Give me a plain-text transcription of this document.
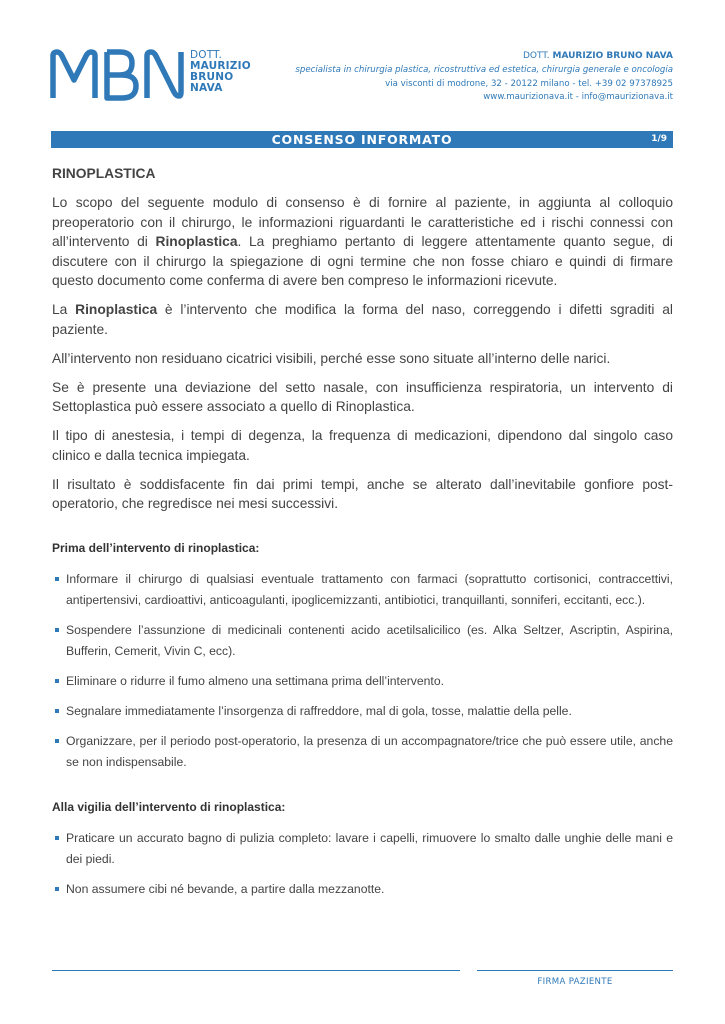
DOTT.
MAURIZIO
BRUNO
NAVA
DOTT. MAURIZIO BRUNO NAVA
specialista in chirurgia plastica, ricostruttiva ed estetica, chirurgia generale e oncologia
via visconti di modrone, 32 - 20122 milano - tel. +39 02 97378925
www.maurizionava.it - info@maurizionava.it
CONSENSO INFORMATO	1/9
RINOPLASTICA

Lo scopo del seguente modulo di consenso è di fornire al paziente, in aggiunta al colloquio preoperatorio con il chirurgo, le informazioni riguardanti le caratteristiche ed i rischi connessi con all’intervento di Rinoplastica. La preghiamo pertanto di leggere attentamente quanto segue, di discutere con il chirurgo la spiegazione di ogni termine che non fosse chiaro e quindi di firmare questo documento come conferma di avere ben compreso le informazioni ricevute.

La Rinoplastica è l’intervento che modifica la forma del naso, correggendo i difetti sgraditi al paziente.

All’intervento non residuano cicatrici visibili, perché esse sono situate all’interno delle narici.

Se è presente una deviazione del setto nasale, con insufficienza respiratoria, un intervento di Settoplastica può essere associato a quello di Rinoplastica.

Il tipo di anestesia, i tempi di degenza, la frequenza di medicazioni, dipendono dal singolo caso clinico e dalla tecnica impiegata.

Il risultato è soddisfacente fin dai primi tempi, anche se alterato dall’inevitabile gonfiore post-operatorio, che regredisce nei mesi successivi.

Prima dell’intervento di rinoplastica:
Informare il chirurgo di qualsiasi eventuale trattamento con farmaci (soprattutto cortisonici, contraccettivi, antipertensivi, cardioattivi, anticoagulanti, ipoglicemizzanti, antibiotici, tranquillanti, sonniferi, eccitanti, ecc.).
Sospendere l’assunzione di medicinali contenenti acido acetilsalicilico (es. Alka Seltzer, Ascriptin, Aspirina, Bufferin, Cemerit, Vivin C, ecc).
Eliminare o ridurre il fumo almeno una settimana prima dell’intervento.
Segnalare immediatamente l’insorgenza di raffreddore, mal di gola, tosse, malattie della pelle.
Organizzare, per il periodo post-operatorio, la presenza di un accompagnatore/trice che può essere utile, anche se non indispensabile.
Alla vigilia dell’intervento di rinoplastica:
Praticare un accurato bagno di pulizia completo: lavare i capelli, rimuovere lo smalto dalle unghie delle mani e dei piedi.
Non assumere cibi né bevande, a partire dalla mezzanotte.
FIRMA PAZIENTE
